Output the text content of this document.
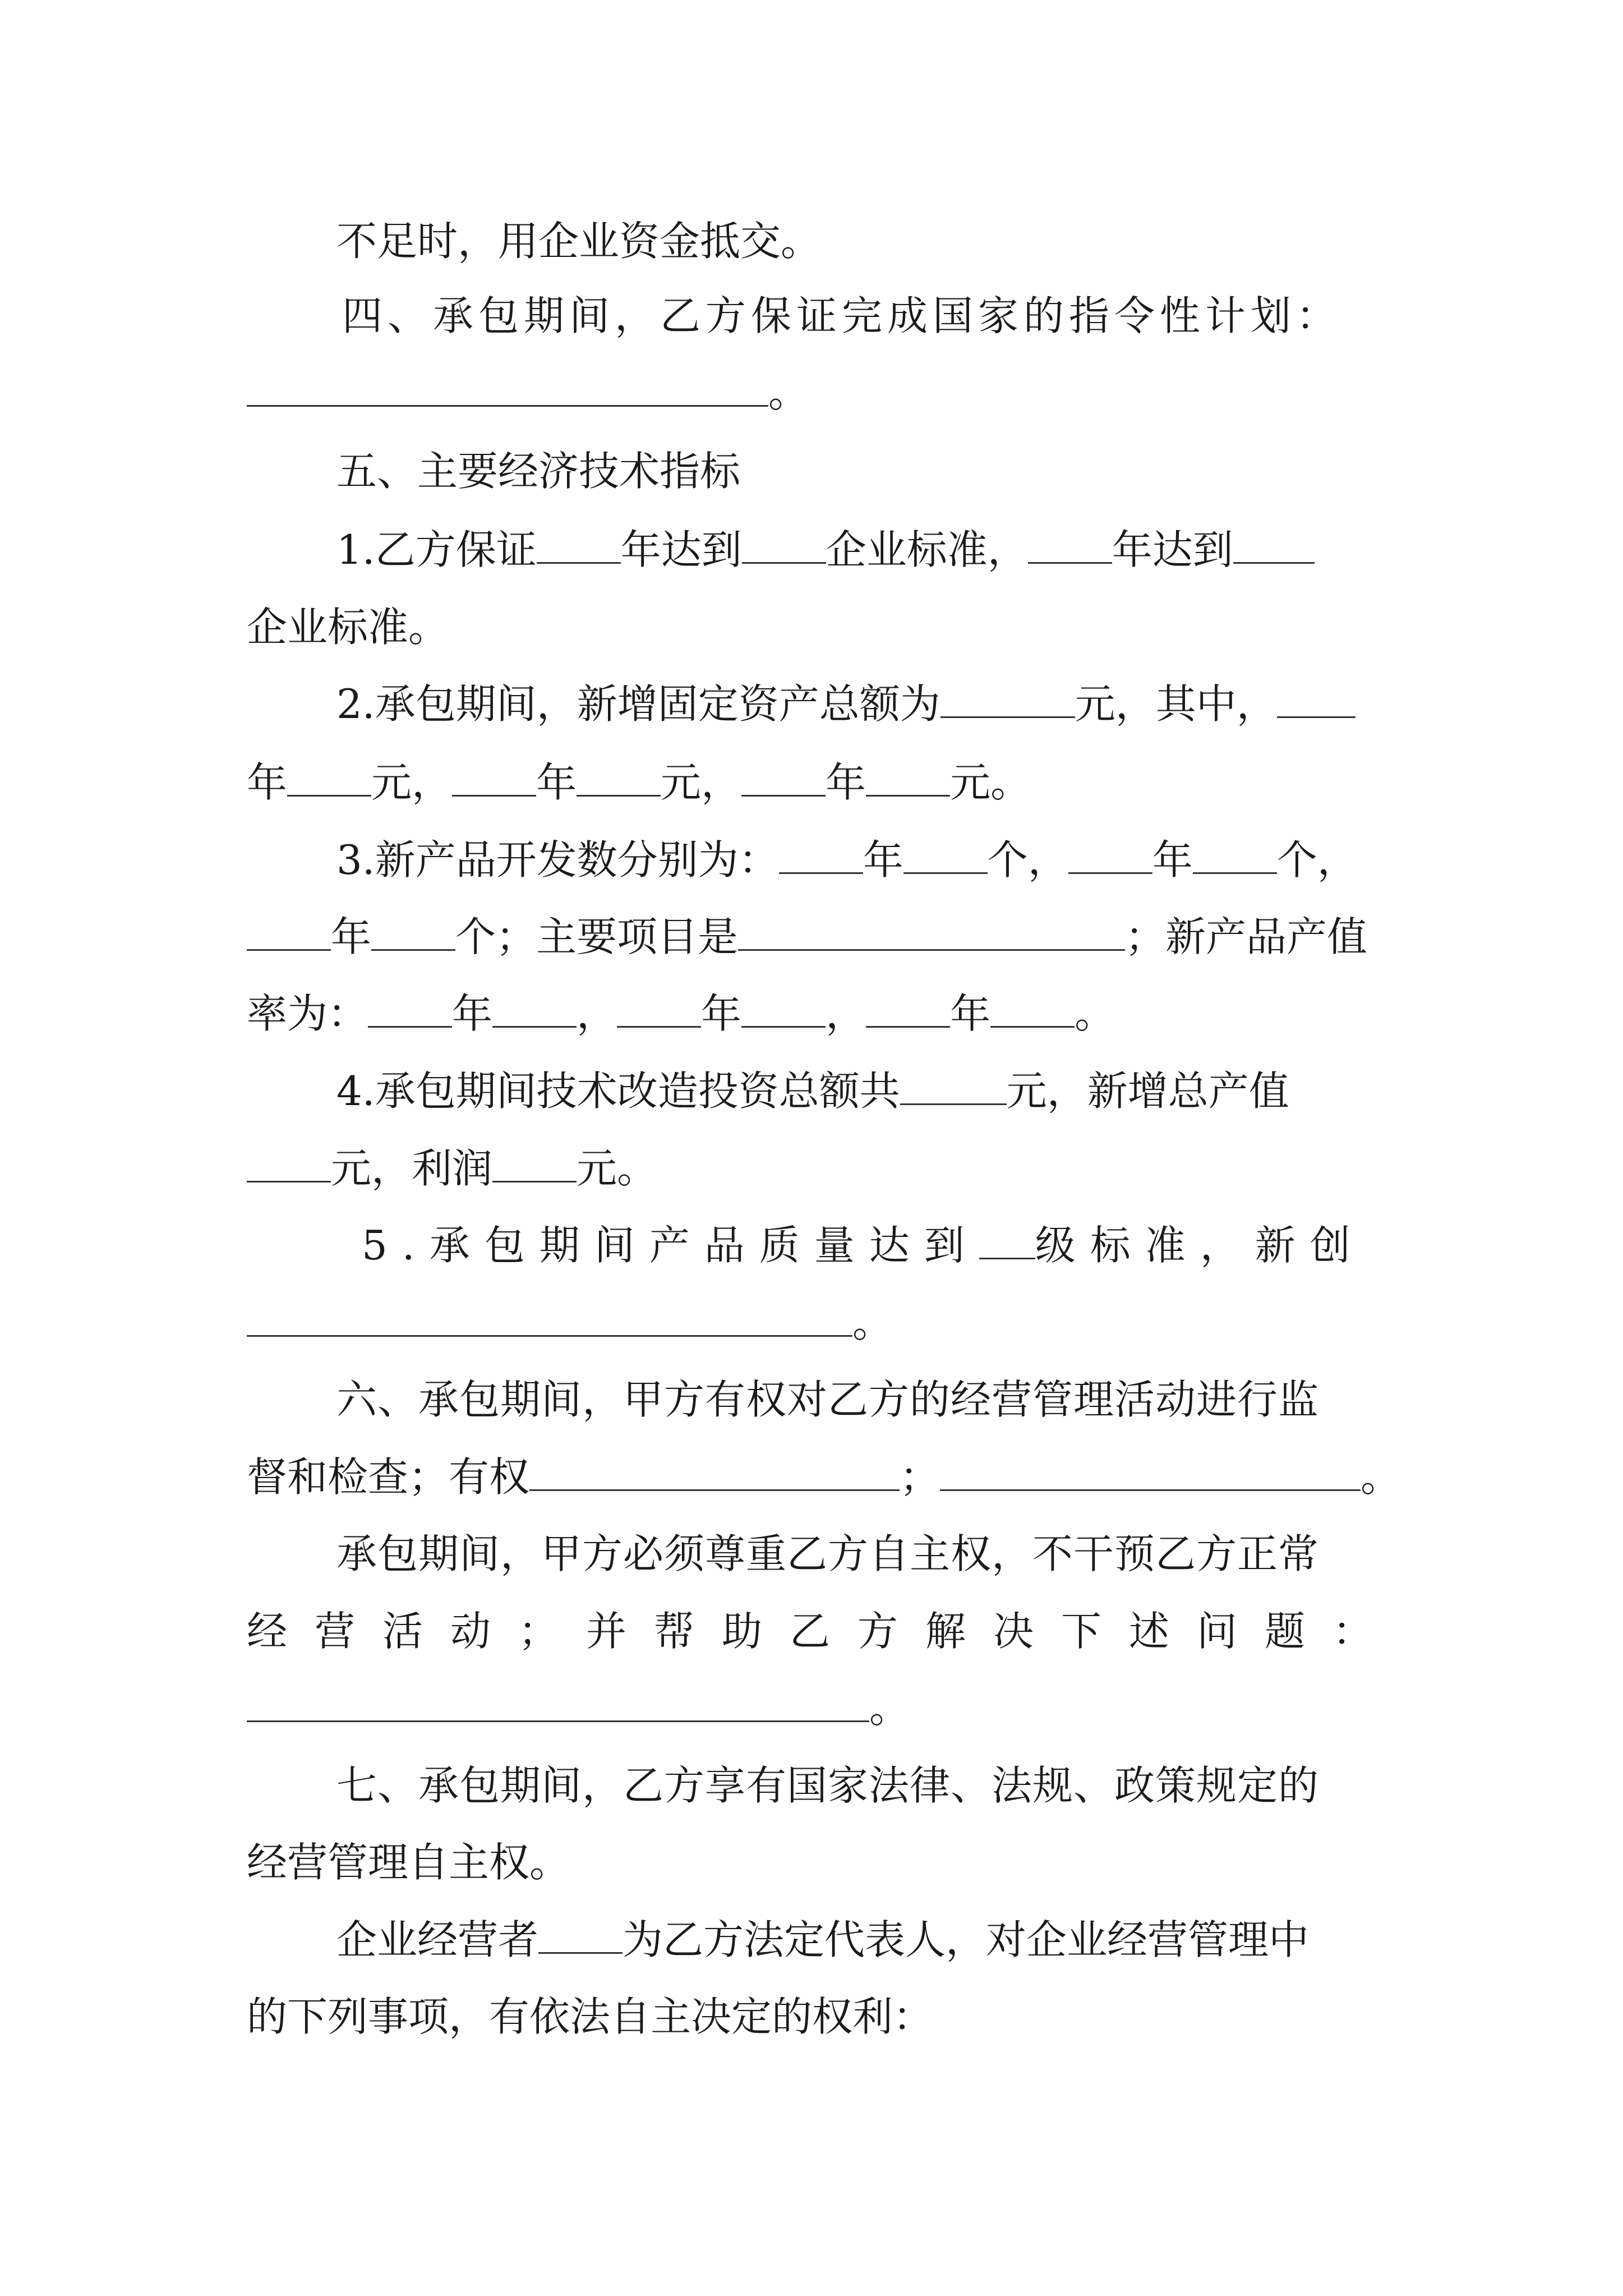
不足时，用企业资金抵交。
四、承包期间，乙方保证完成国家的指令性计划：
。
五、主要经济技术指标
1.乙方保证 年达到 企业标准， 年达到
企业标准。
2.承包期间，新增固定资产总额为	元，其中，
年 元， 年 元， 年 元。
3.新产品开发数分别为： 年 个， 年 个，
年 个；主要项目是	；新产品产值
率为： 年 ， 年 ， 年 。
4.承包期间技术改造投资总额共	元，新增总产值
元，利润 元。
5.承包期间产品质量达到 级标准，新创
。
六、承包期间，甲方有权对乙方的经营管理活动进行监
督和检查；有权	；	。
承包期间，甲方必须尊重乙方自主权，不干预乙方正常
经营活动；并帮助乙方解决下述问题：
。
七、承包期间，乙方享有国家法律、法规、政策规定的
经营管理自主权。
企业经营者 为乙方法定代表人，对企业经营管理中
的下列事项，有依法自主决定的权利：
